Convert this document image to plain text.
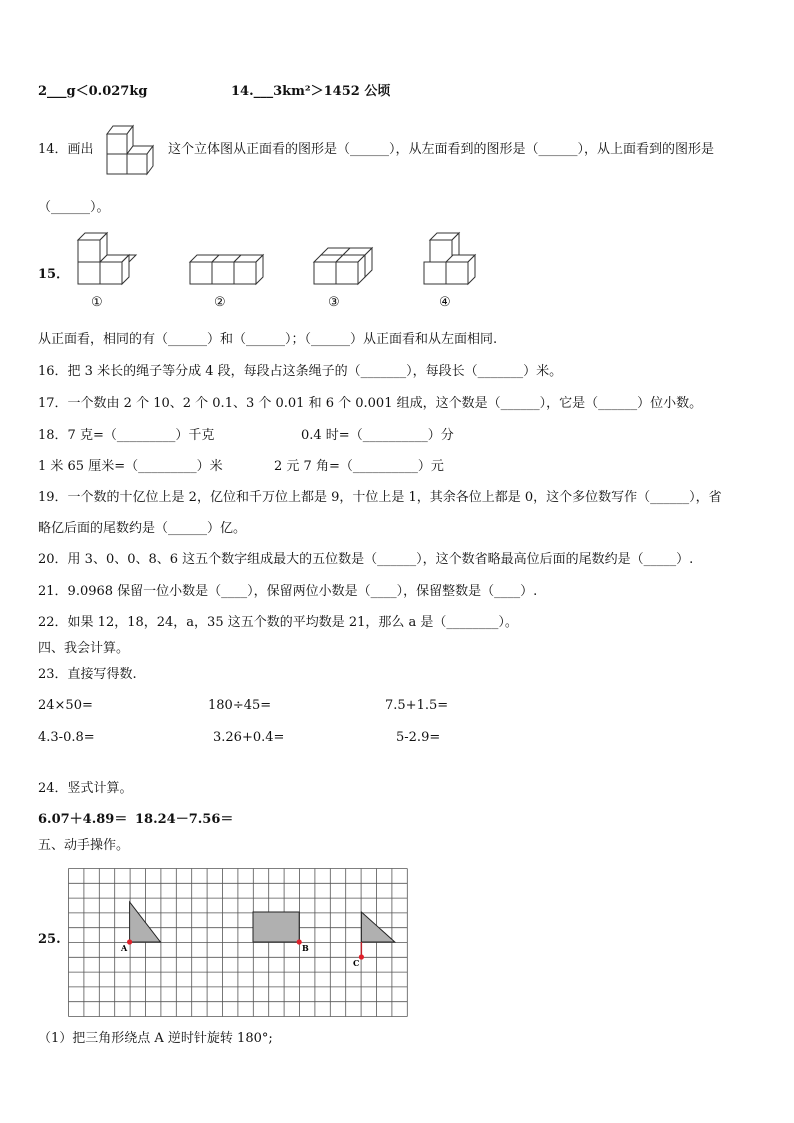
2___g＜0.027kg	14.___3km²＞1452 公顷
14．画出	这个立体图从正面看的图形是（______），从左面看到的图形是（______），从上面看到的图形是
（______）。
15．
①	②	③	④
从正面看，相同的有（______）和（______）；（______）从正面看和从左面相同.
16．把 3 米长的绳子等分成 4 段，每段占这条绳子的（_______），每段长（_______）米。
17．一个数由 2 个 10、2 个 0.1、3 个 0.01 和 6 个 0.001 组成，这个数是（______），它是（______）位小数。
18．7 克=（_________）千克	0.4 时=（__________）分
1 米 65 厘米=（_________）米	2 元 7 角=（__________）元
19．一个数的十亿位上是 2，亿位和千万位上都是 9，十位上是 1，其余各位上都是 0，这个多位数写作（______），省
略亿后面的尾数约是（______）亿。
20．用 3、0、0、8、6 这五个数字组成最大的五位数是（______），这个数省略最高位后面的尾数约是（_____）.
21．9.0968 保留一位小数是（____），保留两位小数是（____），保留整数是（____）.
22．如果 12，18，24，a，35 这五个数的平均数是 21，那么 a 是（________）。
四、我会计算。
23．直接写得数.
24×50=	180÷45=	7.5+1.5=
4.3-0.8=	3.26+0.4=	5-2.9=
24．竖式计算。
6.07＋4.89＝ 18.24－7.56＝
五、动手操作。
25.
A	B
C
（1）把三角形绕点 A 逆时针旋转 180°;
